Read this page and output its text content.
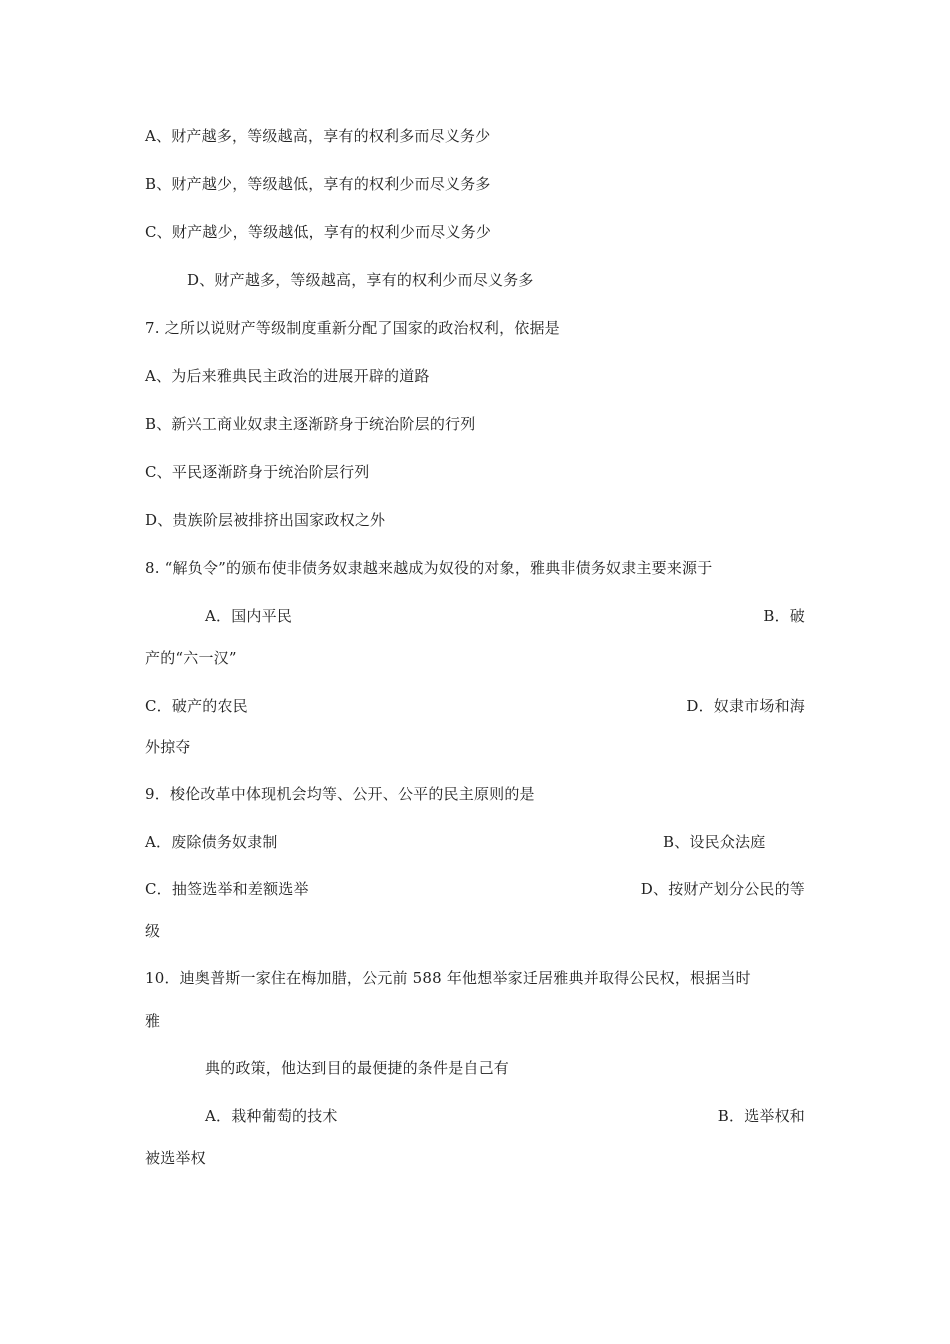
A、财产越多，等级越高，享有的权利多而尽义务少
B、财产越少，等级越低，享有的权利少而尽义务多
C、财产越少，等级越低，享有的权利少而尽义务少
D、财产越多，等级越高，享有的权利少而尽义务多
7. 之所以说财产等级制度重新分配了国家的政治权利，依据是
A、为后来雅典民主政治的进展开辟的道路
B、新兴工商业奴隶主逐渐跻身于统治阶层的行列
C、平民逐渐跻身于统治阶层行列
D、贵族阶层被排挤出国家政权之外
8. “解负令”的颁布使非债务奴隶越来越成为奴役的对象，雅典非债务奴隶主要来源于
A．国内平民	B．破
产的“六一汉”
C．破产的农民	D．奴隶市场和海
外掠夺
9．梭伦改革中体现机会均等、公开、公平的民主原则的是
A．废除债务奴隶制	B、设民众法庭
C．抽签选举和差额选举	D、按财产划分公民的等
级
10．迪奥普斯一家住在梅加腊，公元前 588 年他想举家迁居雅典并取得公民权，根据当时
雅
典的政策，他达到目的最便捷的条件是自己有
A．栽种葡萄的技术	B．选举权和
被选举权
